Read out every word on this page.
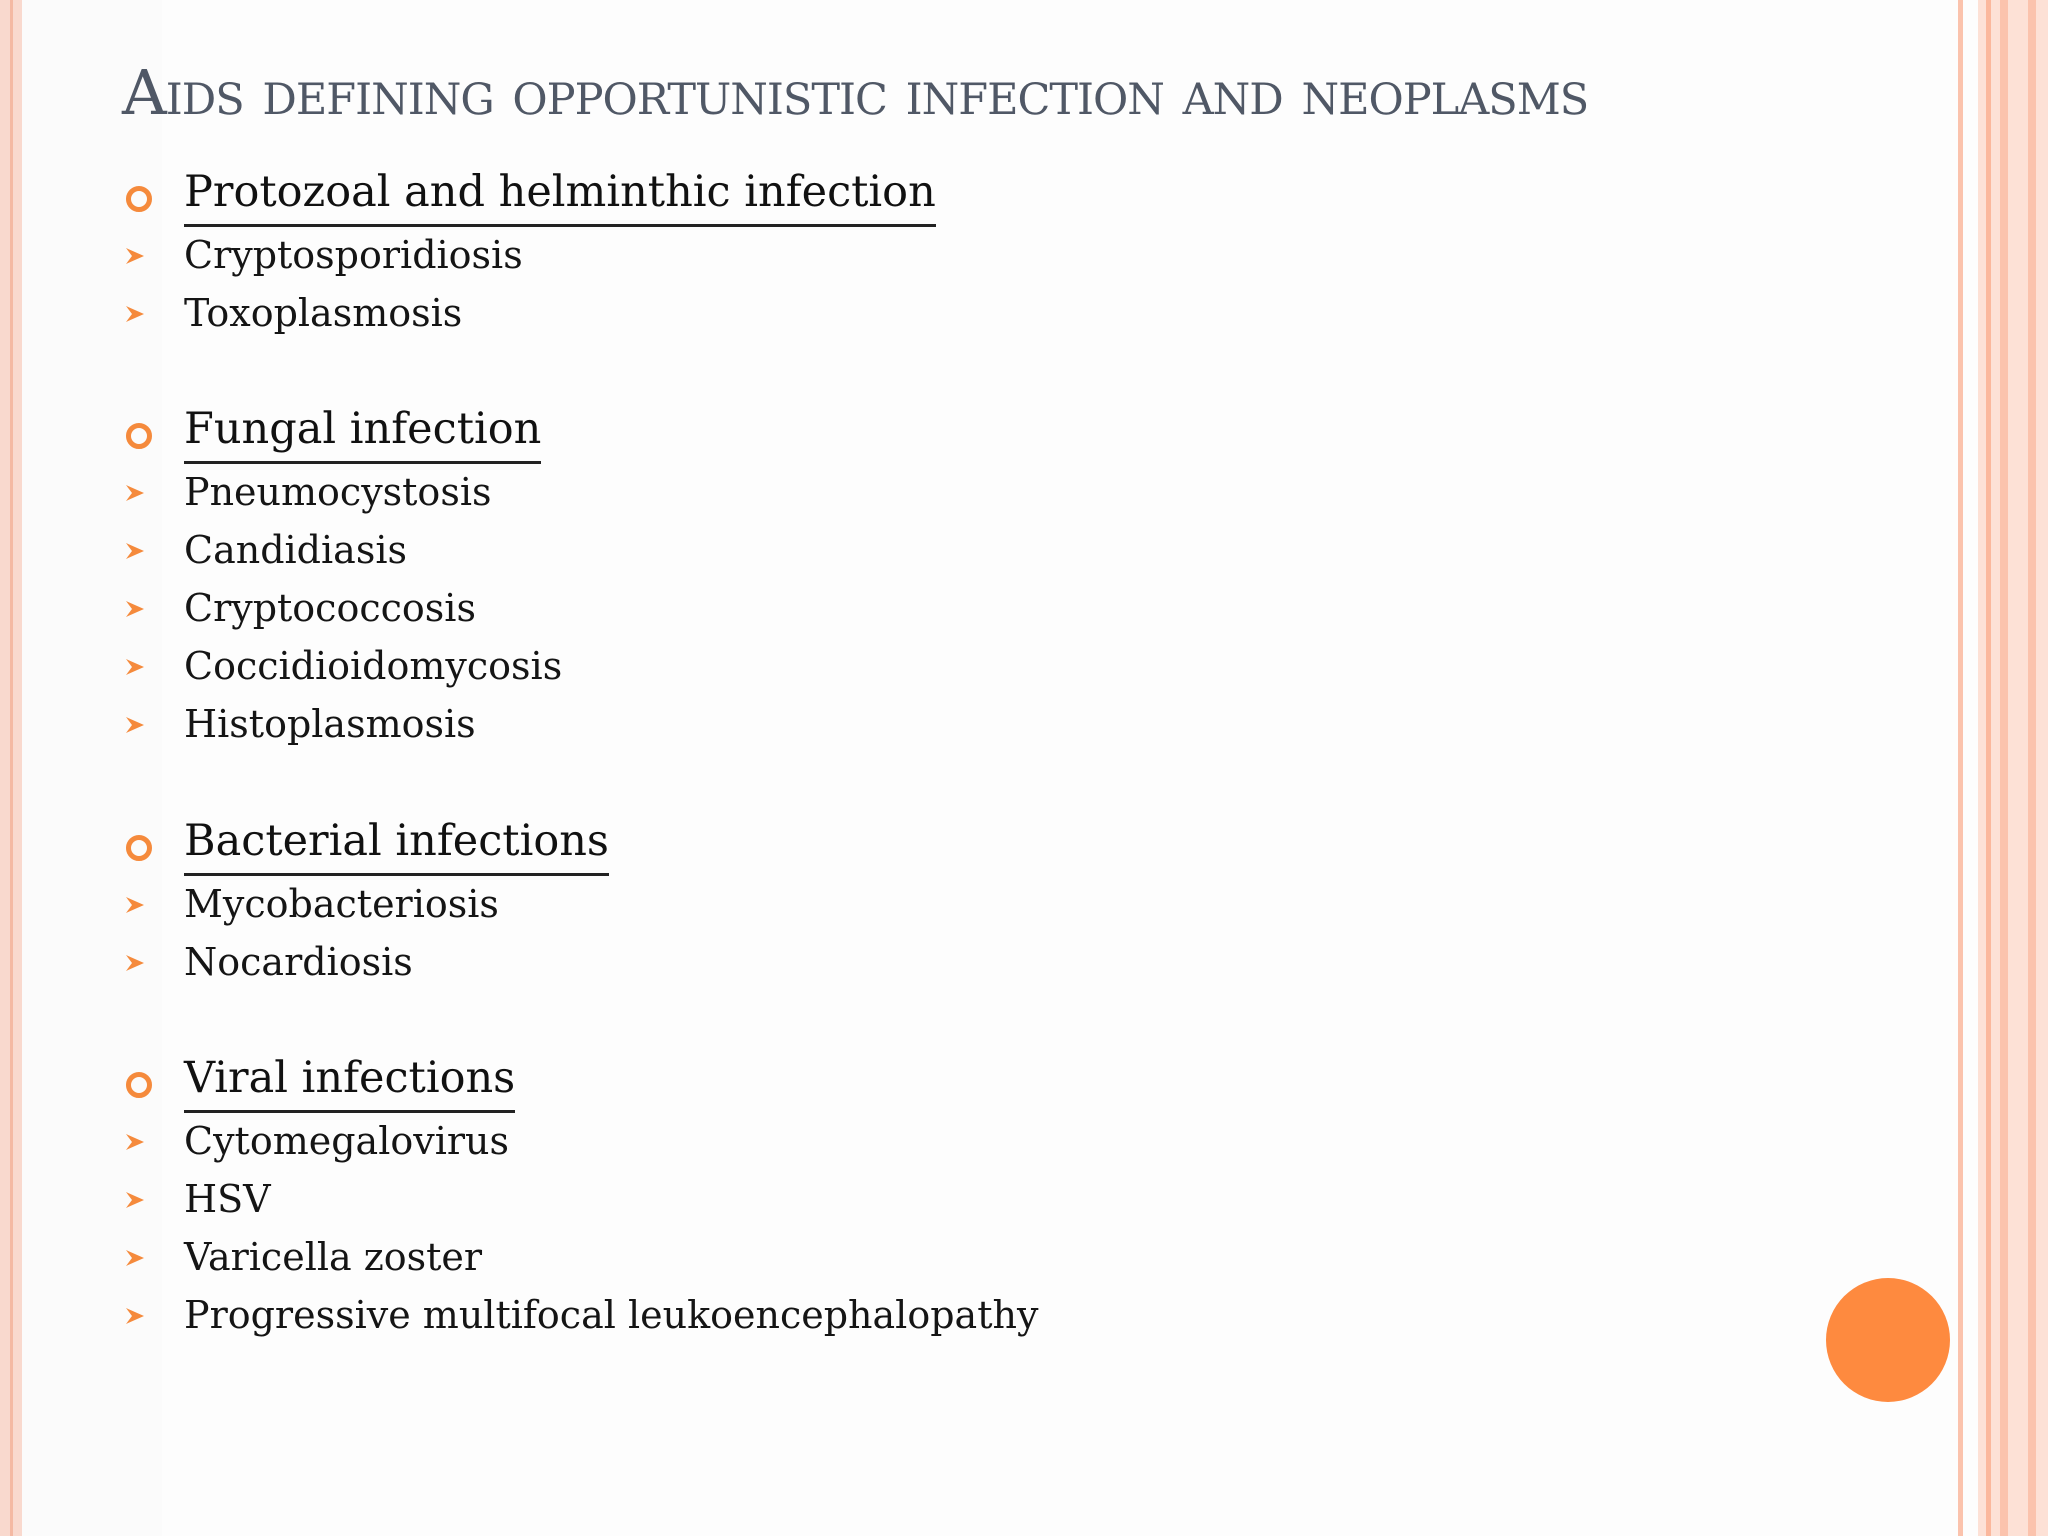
Aids defining opportunistic infection and neoplasms
Protozoal and helminthic infection
Cryptosporidiosis
Toxoplasmosis
Fungal infection
Pneumocystosis
Candidiasis
Cryptococcosis
Coccidioidomycosis
Histoplasmosis
Bacterial infections
Mycobacteriosis
Nocardiosis
Viral infections
Cytomegalovirus
HSV
Varicella zoster
Progressive multifocal leukoencephalopathy
